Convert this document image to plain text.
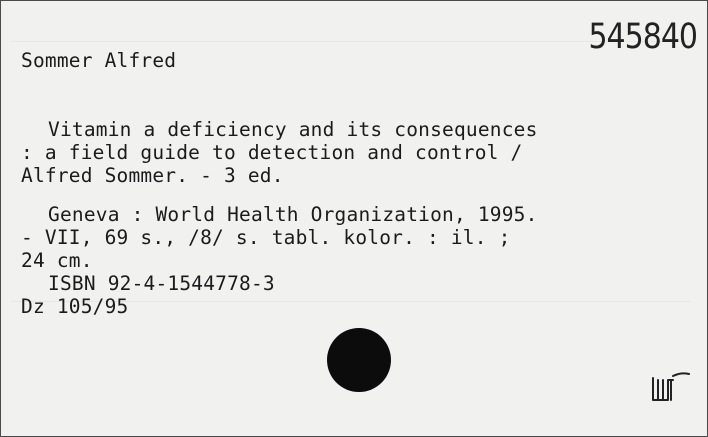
545840
Sommer Alfred
Vitamin a deficiency and its consequences
: a field guide to detection and control /
Alfred Sommer. - 3 ed.
Geneva : World Health Organization, 1995.
- VII, 69 s., /8/ s. tabl. kolor. : il. ;
24 cm.
ISBN 92-4-1544778-3
Dz 105/95
